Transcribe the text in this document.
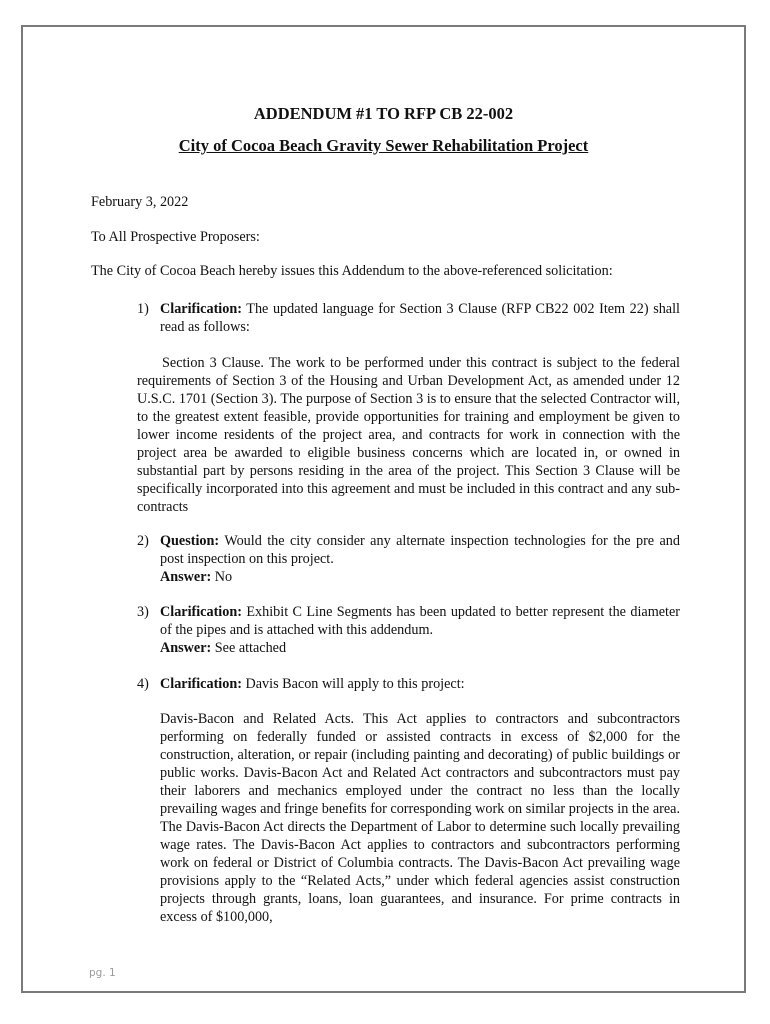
ADDENDUM #1 TO RFP CB 22-002
City of Cocoa Beach Gravity Sewer Rehabilitation Project
February 3, 2022
To All Prospective Proposers:
The City of Cocoa Beach hereby issues this Addendum to the above-referenced solicitation:
1) Clarification: The updated language for Section 3 Clause (RFP CB22 002 Item 22) shall read as follows:
Section 3 Clause. The work to be performed under this contract is subject to the federal requirements of Section 3 of the Housing and Urban Development Act, as amended under 12 U.S.C. 1701 (Section 3). The purpose of Section 3 is to ensure that the selected Contractor will, to the greatest extent feasible, provide opportunities for training and employment be given to lower income residents of the project area, and contracts for work in connection with the project area be awarded to eligible business concerns which are located in, or owned in substantial part by persons residing in the area of the project. This Section 3 Clause will be specifically incorporated into this agreement and must be included in this contract and any sub-contracts
2) Question: Would the city consider any alternate inspection technologies for the pre and post inspection on this project.
Answer: No
3) Clarification: Exhibit C Line Segments has been updated to better represent the diameter of the pipes and is attached with this addendum.
Answer: See attached
4) Clarification: Davis Bacon will apply to this project:
Davis-Bacon and Related Acts. This Act applies to contractors and subcontractors performing on federally funded or assisted contracts in excess of $2,000 for the construction, alteration, or repair (including painting and decorating) of public buildings or public works. Davis-Bacon Act and Related Act contractors and subcontractors must pay their laborers and mechanics employed under the contract no less than the locally prevailing wages and fringe benefits for corresponding work on similar projects in the area. The Davis-Bacon Act directs the Department of Labor to determine such locally prevailing wage rates. The Davis-Bacon Act applies to contractors and subcontractors performing work on federal or District of Columbia contracts. The Davis-Bacon Act prevailing wage provisions apply to the “Related Acts,” under which federal agencies assist construction projects through grants, loans, loan guarantees, and insurance. For prime contracts in excess of $100,000,
pg. 1
